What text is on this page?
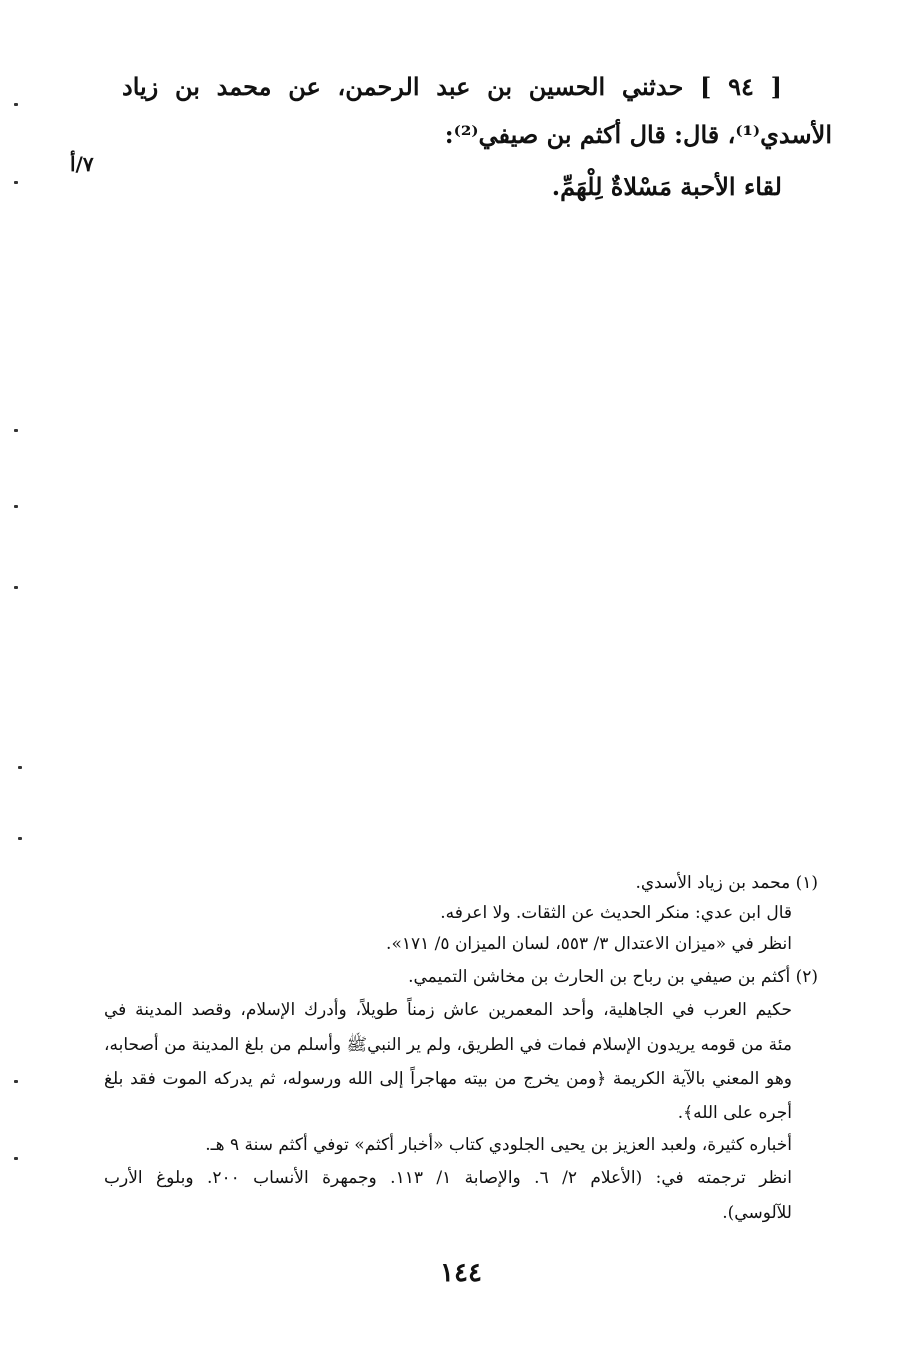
[ ٩٤ ] حدثني الحسين بن عبد الرحمن، عن محمد بن زياد
الأسدي⁽¹⁾، قال: قال أكثم بن صيفي⁽²⁾:
لقاء الأحبة مَسْلاةٌ لِلْهَمِّ.
٧/أ
(١) محمد بن زياد الأسدي.
قال ابن عدي: منكر الحديث عن الثقات. ولا اعرفه.
انظر في «ميزان الاعتدال ٣/ ٥٥٣، لسان الميزان ٥/ ١٧١».
(٢) أكثم بن صيفي بن رباح بن الحارث بن مخاشن التميمي.
حكيم العرب في الجاهلية، وأحد المعمرين عاش زمناً طويلاً، وأدرك الإسلام، وقصد المدينة في
مئة من قومه يريدون الإسلام فمات في الطريق، ولم ير النبيﷺ وأسلم من بلغ المدينة من أصحابه،
وهو المعني بالآية الكريمة ﴿ومن يخرج من بيته مهاجراً إلى الله ورسوله، ثم يدركه الموت فقد بلغ
أجره على الله﴾.
أخباره كثيرة، ولعبد العزيز بن يحيى الجلودي كتاب «أخبار أكثم» توفي أكثم سنة ٩ هـ.
انظر ترجمته في: (الأعلام ٢/ ٦. والإصابة ١/ ١١٣. وجمهرة الأنساب ٢٠٠. وبلوغ الأرب
للآلوسي).
١٤٤
